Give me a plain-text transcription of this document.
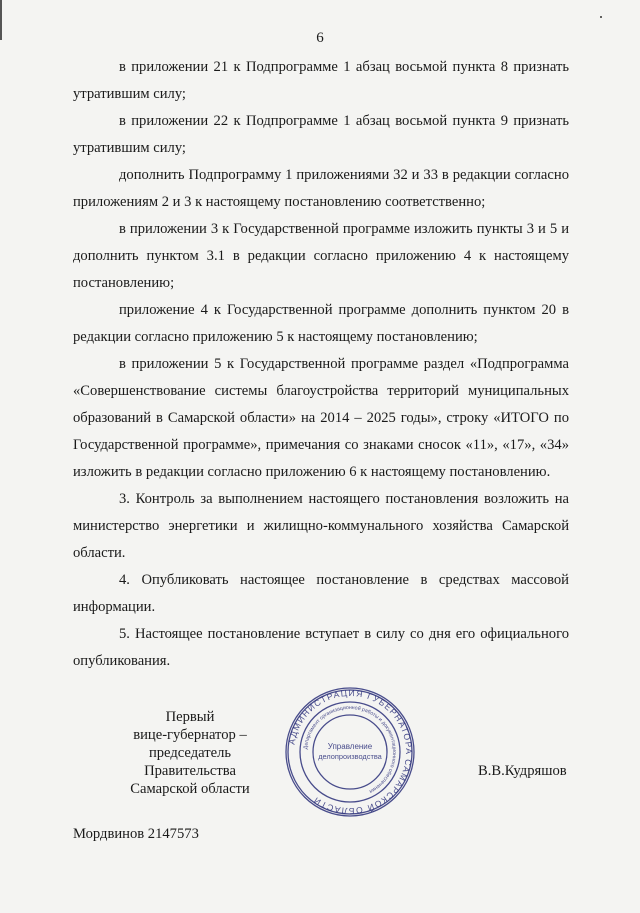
6

в приложении 21 к Подпрограмме 1 абзац восьмой пункта 8 признать утратившим силу;

в приложении 22 к Подпрограмме 1 абзац восьмой пункта 9 признать утратившим силу;

дополнить Подпрограмму 1 приложениями 32 и 33 в редакции согласно приложениям 2 и 3 к настоящему постановлению соответственно;

в приложении 3 к Государственной программе изложить пункты 3 и 5 и дополнить пунктом 3.1 в редакции согласно приложению 4 к настоящему постановлению;

приложение 4 к Государственной программе дополнить пунктом 20 в редакции согласно приложению 5 к настоящему постановлению;

в приложении 5 к Государственной программе раздел «Подпрограмма «Совершенствование системы благоустройства территорий муниципальных образований в Самарской области» на 2014 – 2025 годы», строку «ИТОГО по Государственной программе», примечания со знаками сносок «11», «17», «34» изложить в редакции согласно приложению 6 к настоящему постановлению.

3. Контроль за выполнением настоящего постановления возложить на министерство энергетики и жилищно-коммунального хозяйства Самарской области.

4. Опубликовать настоящее постановление в средствах массовой информации.

5. Настоящее постановление вступает в силу со дня его официального опубликования.

Первый
вице-губернатор –
председатель Правительства
Самарской области
АДМИНИСТРАЦИЯ ГУБЕРНАТОРА САМАРСКОЙ ОБЛАСТИ
Департамент организационной работы и документационного обеспечения
Управление
делопроизводства
В.В.Кудряшов
Мордвинов 2147573
